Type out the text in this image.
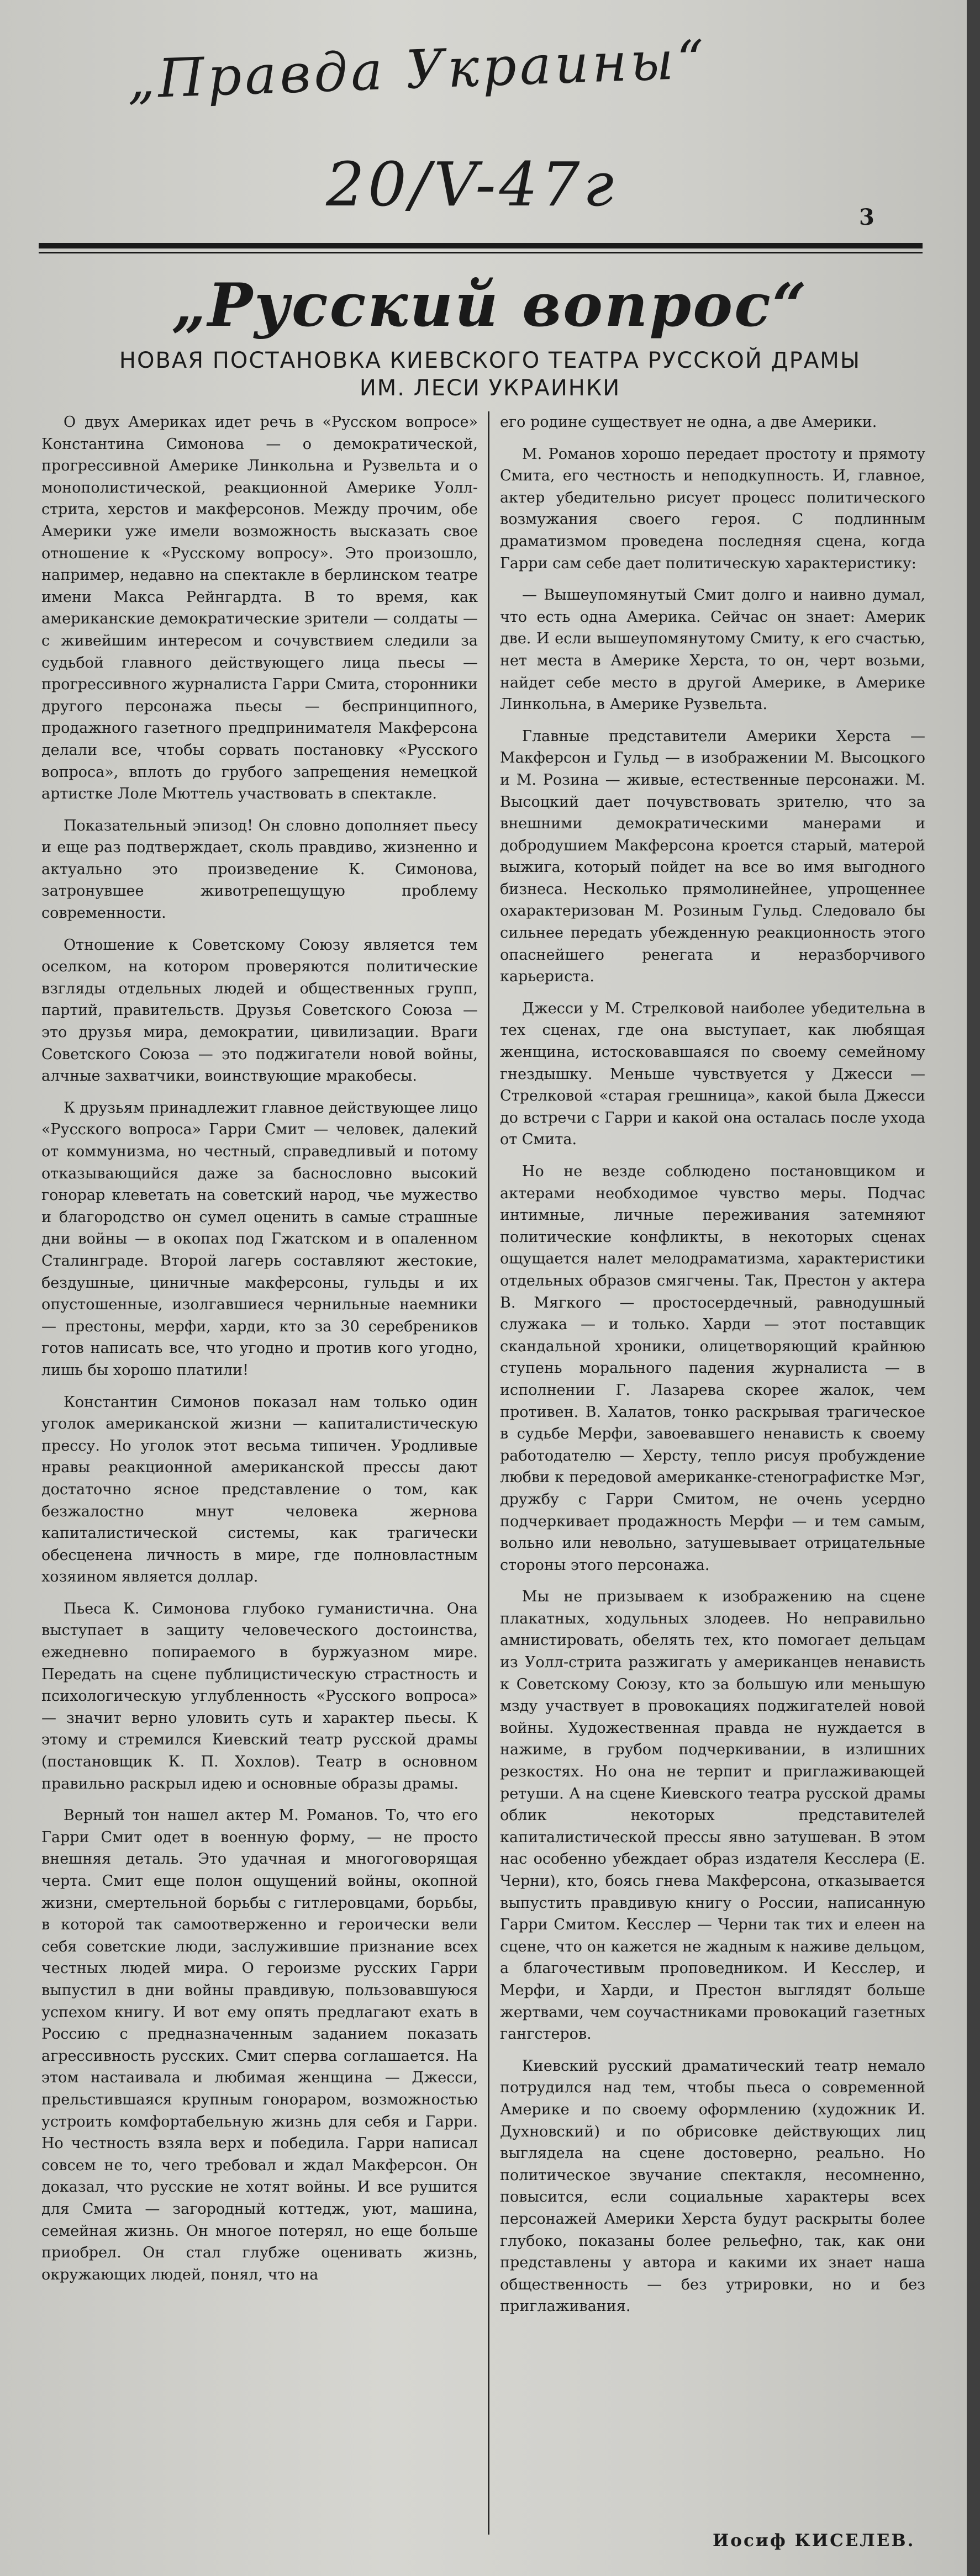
„Правда Украины“
20/V-47г	3
„Русский вопрос“
НОВАЯ ПОСТАНОВКА КИЕВСКОГО ТЕАТРА РУССКОЙ ДРАМЫ
ИМ. ЛЕСИ УКРАИНКИ

О двух Америках идет речь в «Русском вопросе» Константина Симонова — о демократической, прогрессивной Америке Линкольна и Рузвельта и о монополистической, реакционной Америке Уолл-стрита, херстов и макферсонов. Между прочим, обе Америки уже имели возможность высказать свое отношение к «Русскому вопросу». Это произошло, например, недавно на спектакле в берлинском театре имени Макса Рейнгардта. В то время, как американские демократические зрители — солдаты — с живейшим интересом и сочувствием следили за судьбой главного действующего лица пьесы — прогрессивного журналиста Гарри Смита, сторонники другого персонажа пьесы — беспринципного, продажного газетного предпринимателя Макферсона делали все, чтобы сорвать постановку «Русского вопроса», вплоть до грубого запрещения немецкой артистке Лоле Мюттель участвовать в спектакле.

Показательный эпизод! Он словно дополняет пьесу и еще раз подтверждает, сколь правдиво, жизненно и актуально это произведение К. Симонова, затронувшее животрепещущую проблему современности.

Отношение к Советскому Союзу является тем оселком, на котором проверяются политические взгляды отдельных людей и общественных групп, партий, правительств. Друзья Советского Союза — это друзья мира, демократии, цивилизации. Враги Советского Союза — это поджигатели новой войны, алчные захватчики, воинствующие мракобесы.

К друзьям принадлежит главное действующее лицо «Русского вопроса» Гарри Смит — человек, далекий от коммунизма, но честный, справедливый и потому отказывающийся даже за баснословно высокий гонорар клеветать на советский народ, чье мужество и благородство он сумел оценить в самые страшные дни войны — в окопах под Гжатском и в опаленном Сталинграде. Второй лагерь составляют жестокие, бездушные, циничные макферсоны, гульды и их опустошенные, изолгавшиеся чернильные наемники — престоны, мерфи, харди, кто за 30 серебреников готов написать все, что угодно и против кого угодно, лишь бы хорошо платили!

Константин Симонов показал нам только один уголок американской жизни — капиталистическую прессу. Но уголок этот весьма типичен. Уродливые нравы реакционной американской прессы дают достаточно ясное представление о том, как безжалостно мнут человека жернова капиталистической системы, как трагически обесценена личность в мире, где полновластным хозяином является доллар.

Пьеса К. Симонова глубоко гуманистична. Она выступает в защиту человеческого достоинства, ежедневно попираемого в буржуазном мире. Передать на сцене публицистическую страстность и психологическую углубленность «Русского вопроса» — значит верно уловить суть и характер пьесы. К этому и стремился Киевский театр русской драмы (постановщик К. П. Хохлов). Театр в основном правильно раскрыл идею и основные образы драмы.

Верный тон нашел актер М. Романов. То, что его Гарри Смит одет в военную форму, — не просто внешняя деталь. Это удачная и многоговорящая черта. Смит еще полон ощущений войны, окопной жизни, смертельной борьбы с гитлеровцами, борьбы, в которой так самоотверженно и героически вели себя советские люди, заслужившие признание всех честных людей мира. О героизме русских Гарри выпустил в дни войны правдивую, пользовавшуюся успехом книгу. И вот ему опять предлагают ехать в Россию с предназначенным заданием показать агрессивность русских. Смит сперва соглашается. На этом настаивала и любимая женщина — Джесси, прельстившаяся крупным гонораром, возможностью устроить комфортабельную жизнь для себя и Гарри. Но честность взяла верх и победила. Гарри написал совсем не то, чего требовал и ждал Макферсон. Он доказал, что русские не хотят войны. И все рушится для Смита — загородный коттедж, уют, машина, семейная жизнь. Он многое потерял, но еще больше приобрел. Он стал глубже оценивать жизнь, окружающих людей, понял, что на

его родине существует не одна, а две Америки.

М. Романов хорошо передает простоту и прямоту Смита, его честность и неподкупность. И, главное, актер убедительно рисует процесс политического возмужания своего героя. С подлинным драматизмом проведена последняя сцена, когда Гарри сам себе дает политическую характеристику:

— Вышеупомянутый Смит долго и наивно думал, что есть одна Америка. Сейчас он знает: Америк две. И если вышеупомянутому Смиту, к его счастью, нет места в Америке Херста, то он, черт возьми, найдет себе место в другой Америке, в Америке Линкольна, в Америке Рузвельта.

Главные представители Америки Херста — Макферсон и Гульд — в изображении М. Высоцкого и М. Розина — живые, естественные персонажи. М. Высоцкий дает почувствовать зрителю, что за внешними демократическими манерами и добродушием Макферсона кроется старый, матерой выжига, который пойдет на все во имя выгодного бизнеса. Несколько прямолинейнее, упрощеннее охарактеризован М. Розиным Гульд. Следовало бы сильнее передать убежденную реакционность этого опаснейшего ренегата и неразборчивого карьериста.

Джесси у М. Стрелковой наиболее убедительна в тех сценах, где она выступает, как любящая женщина, истосковавшаяся по своему семейному гнездышку. Меньше чувствуется у Джесси — Стрелковой «старая грешница», какой была Джесси до встречи с Гарри и какой она осталась после ухода от Смита.

Но не везде соблюдено постановщиком и актерами необходимое чувство меры. Подчас интимные, личные переживания затемняют политические конфликты, в некоторых сценах ощущается налет мелодраматизма, характеристики отдельных образов смягчены. Так, Престон у актера В. Мягкого — простосердечный, равнодушный служака — и только. Харди — этот поставщик скандальной хроники, олицетворяющий крайнюю ступень морального падения журналиста — в исполнении Г. Лазарева скорее жалок, чем противен. В. Халатов, тонко раскрывая трагическое в судьбе Мерфи, завоевавшего ненависть к своему работодателю — Херсту, тепло рисуя пробуждение любви к передовой американке-стенографистке Мэг, дружбу с Гарри Смитом, не очень усердно подчеркивает продажность Мерфи — и тем самым, вольно или невольно, затушевывает отрицательные стороны этого персонажа.

Мы не призываем к изображению на сцене плакатных, ходульных злодеев. Но неправильно амнистировать, обелять тех, кто помогает дельцам из Уолл-стрита разжигать у американцев ненависть к Советскому Союзу, кто за большую или меньшую мзду участвует в провокациях поджигателей новой войны. Художественная правда не нуждается в нажиме, в грубом подчеркивании, в излишних резкостях. Но она не терпит и приглаживающей ретуши. А на сцене Киевского театра русской драмы облик некоторых представителей капиталистической прессы явно затушеван. В этом нас особенно убеждает образ издателя Кесслера (Е. Черни), кто, боясь гнева Макферсона, отказывается выпустить правдивую книгу о России, написанную Гарри Смитом. Кесслер — Черни так тих и елеен на сцене, что он кажется не жадным к наживе дельцом, а благочестивым проповедником. И Кесслер, и Мерфи, и Харди, и Престон выглядят больше жертвами, чем соучастниками провокаций газетных гангстеров.

Киевский русский драматический театр немало потрудился над тем, чтобы пьеса о современной Америке и по своему оформлению (художник И. Духновский) и по обрисовке действующих лиц выглядела на сцене достоверно, реально. Но политическое звучание спектакля, несомненно, повысится, если социальные характеры всех персонажей Америки Херста будут раскрыты более глубоко, показаны более рельефно, так, как они представлены у автора и какими их знает наша общественность — без утрировки, но и без приглаживания.

Иосиф КИСЕЛЕВ.
